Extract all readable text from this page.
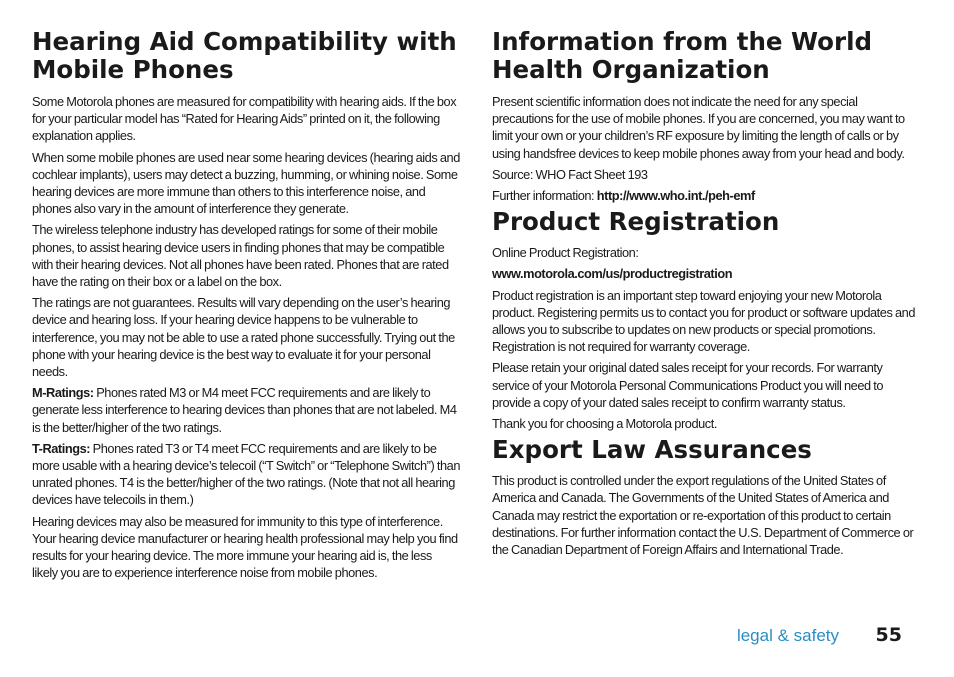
Hearing Aid Compatibility with Mobile Phones

Some Motorola phones are measured for compatibility with hearing aids. If the box for your particular model has “Rated for Hearing Aids” printed on it, the following explanation applies.

When some mobile phones are used near some hearing devices (hearing aids and cochlear implants), users may detect a buzzing, humming, or whining noise. Some hearing devices are more immune than others to this interference noise, and phones also vary in the amount of interference they generate.

The wireless telephone industry has developed ratings for some of their mobile phones, to assist hearing device users in finding phones that may be compatible with their hearing devices. Not all phones have been rated. Phones that are rated have the rating on their box or a label on the box.

The ratings are not guarantees. Results will vary depending on the user’s hearing device and hearing loss. If your hearing device happens to be vulnerable to interference, you may not be able to use a rated phone successfully. Trying out the phone with your hearing device is the best way to evaluate it for your personal needs.

M-Ratings: Phones rated M3 or M4 meet FCC requirements and are likely to generate less interference to hearing devices than phones that are not labeled. M4 is the better/higher of the two ratings.

T-Ratings: Phones rated T3 or T4 meet FCC requirements and are likely to be more usable with a hearing device’s telecoil (“T Switch” or “Telephone Switch”) than unrated phones. T4 is the better/higher of the two ratings. (Note that not all hearing devices have telecoils in them.)

Hearing devices may also be measured for immunity to this type of interference. Your hearing device manufacturer or hearing health professional may help you find results for your hearing device. The more immune your hearing aid is, the less likely you are to experience interference noise from mobile phones.

Information from the World Health Organization

Present scientific information does not indicate the need for any special precautions for the use of mobile phones. If you are concerned, you may want to limit your own or your children’s RF exposure by limiting the length of calls or by using handsfree devices to keep mobile phones away from your head and body.

Source: WHO Fact Sheet 193

Further information: http://www.who.int./peh-emf

Product Registration

Online Product Registration:

www.motorola.com/us/productregistration

Product registration is an important step toward enjoying your new Motorola product. Registering permits us to contact you for product or software updates and allows you to subscribe to updates on new products or special promotions. Registration is not required for warranty coverage.

Please retain your original dated sales receipt for your records. For warranty service of your Motorola Personal Communications Product you will need to provide a copy of your dated sales receipt to confirm warranty status.

Thank you for choosing a Motorola product.

Export Law Assurances

This product is controlled under the export regulations of the United States of America and Canada. The Governments of the United States of America and Canada may restrict the exportation or re-exportation of this product to certain destinations. For further information contact the U.S. Department of Commerce or the Canadian Department of Foreign Affairs and International Trade.

legal & safety 55
